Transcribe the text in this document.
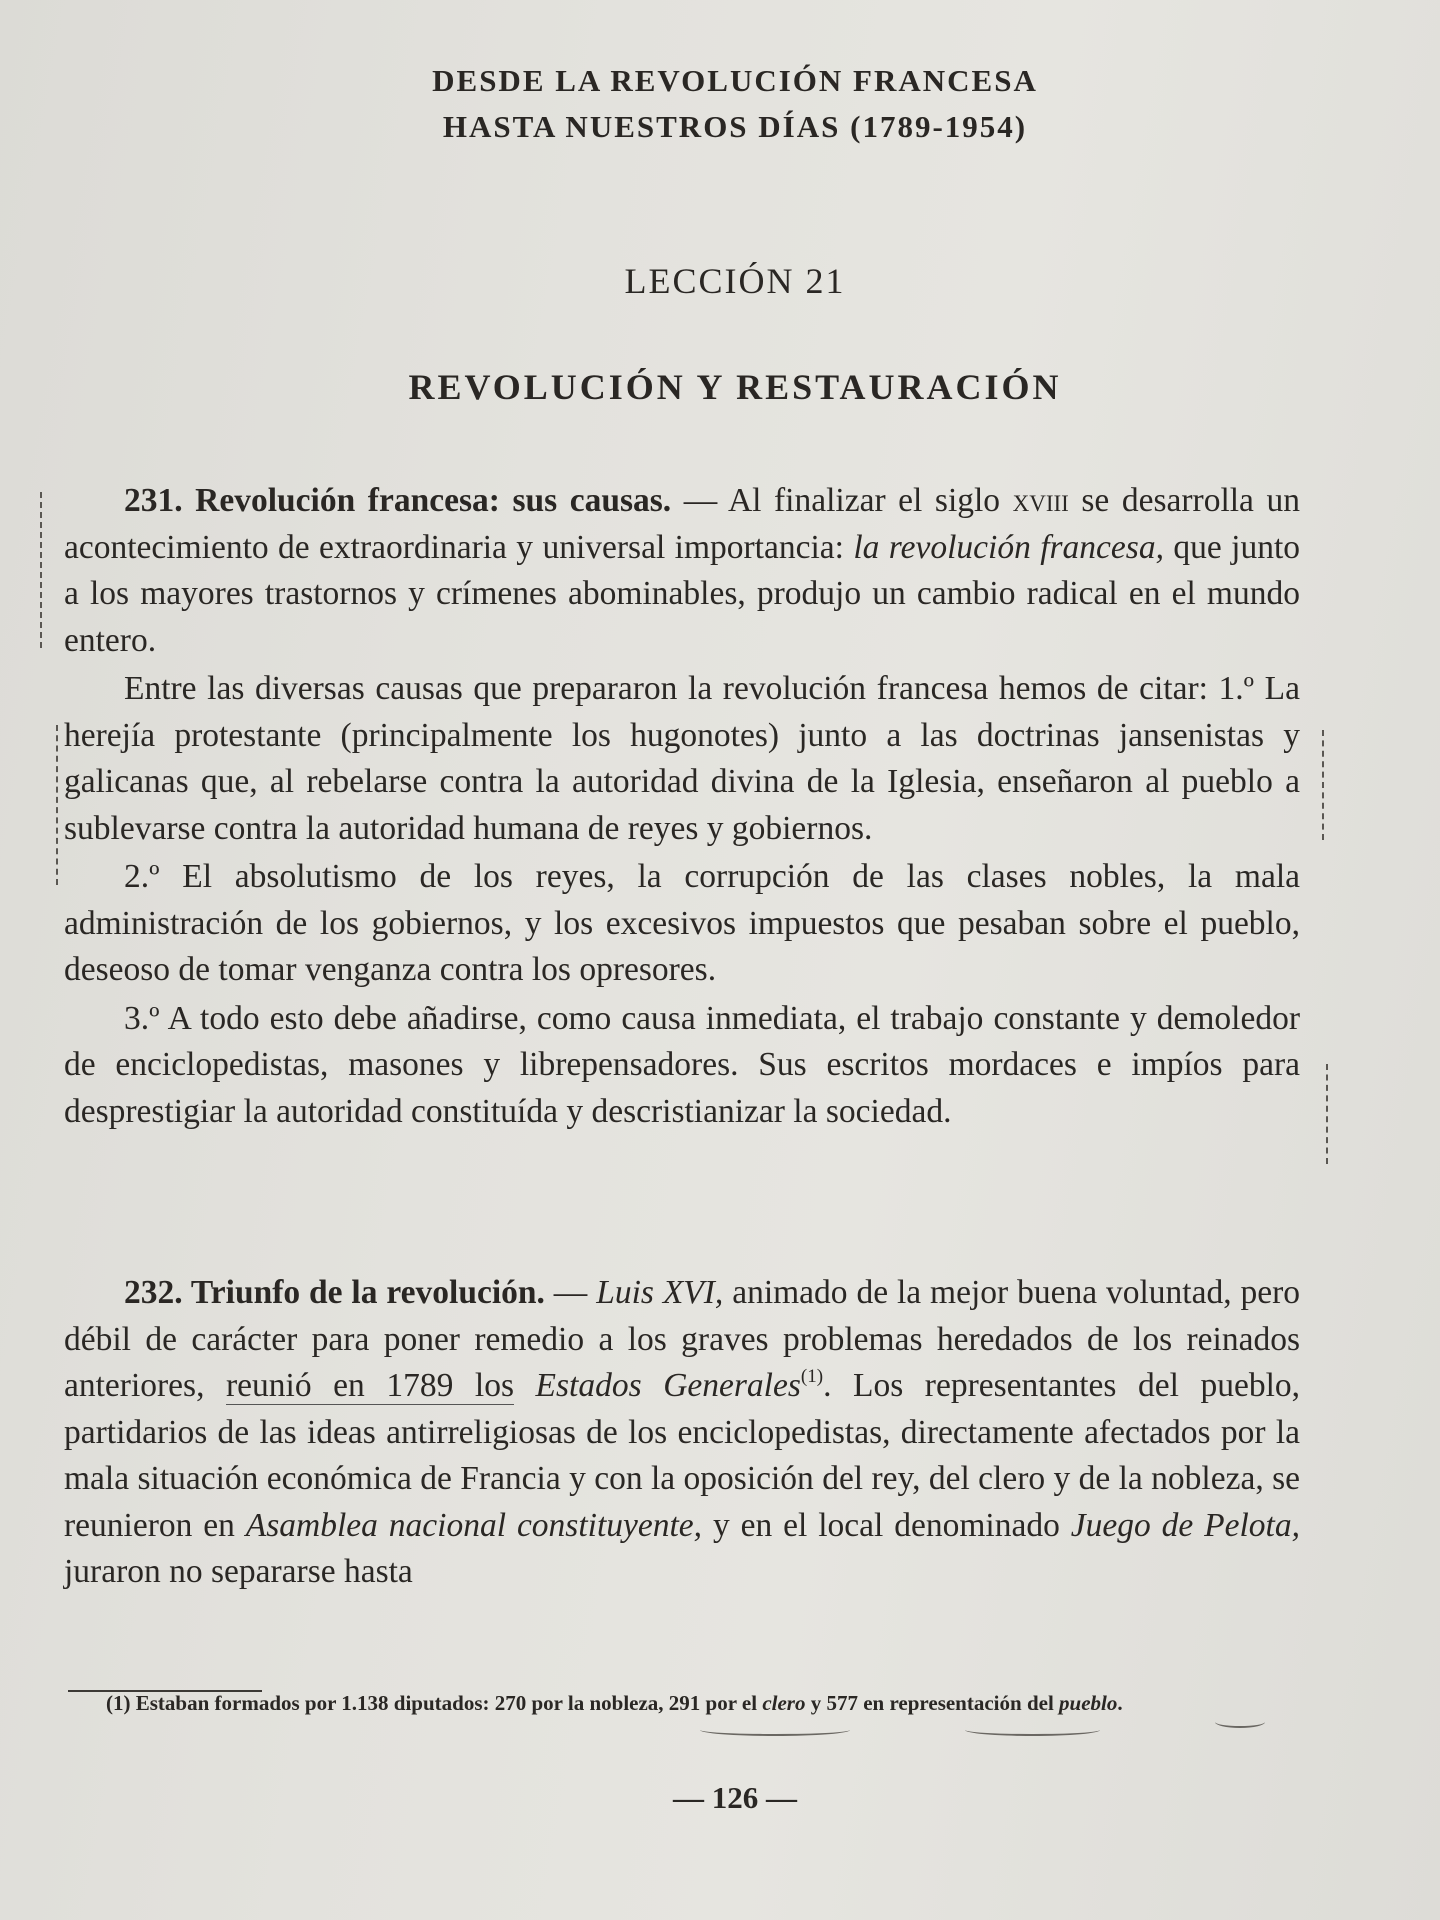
DESDE LA REVOLUCIÓN FRANCESA
HASTA NUESTROS DÍAS (1789-1954)
LECCIÓN 21
REVOLUCIÓN Y RESTAURACIÓN

231. Revolución francesa: sus causas. — Al finalizar el siglo xviii se desarrolla un acontecimiento de extraordinaria y universal importancia: la revolución francesa, que junto a los mayores trastornos y crímenes abominables, produjo un cambio radical en el mundo entero.

Entre las diversas causas que prepararon la revolución francesa hemos de citar: 1.º La herejía protestante (principalmente los hugonotes) junto a las doctrinas jansenistas y galicanas que, al rebelarse contra la autoridad divina de la Iglesia, enseñaron al pueblo a sublevarse contra la autoridad humana de reyes y gobiernos.

2.º El absolutismo de los reyes, la corrupción de las clases nobles, la mala administración de los gobiernos, y los excesivos impuestos que pesaban sobre el pueblo, deseoso de tomar venganza contra los opresores.

3.º A todo esto debe añadirse, como causa inmediata, el trabajo constante y demoledor de enciclopedistas, masones y librepensadores. Sus escritos mordaces e impíos para desprestigiar la autoridad constituída y descristianizar la sociedad.

232. Triunfo de la revolución. — Luis XVI, animado de la mejor buena voluntad, pero débil de carácter para poner remedio a los graves problemas heredados de los reinados anteriores, reunió en 1789 los Estados Generales$^{(1)}$. Los representantes del pueblo, partidarios de las ideas antirreligiosas de los enciclopedistas, directamente afectados por la mala situación económica de Francia y con la oposición del rey, del clero y de la nobleza, se reunieron en Asamblea nacional constituyente, y en el local denominado Juego de Pelota, juraron no separarse hasta

(1) Estaban formados por 1.138 diputados: 270 por la nobleza, 291 por el clero y 577 en representación del pueblo.
— 126 —
